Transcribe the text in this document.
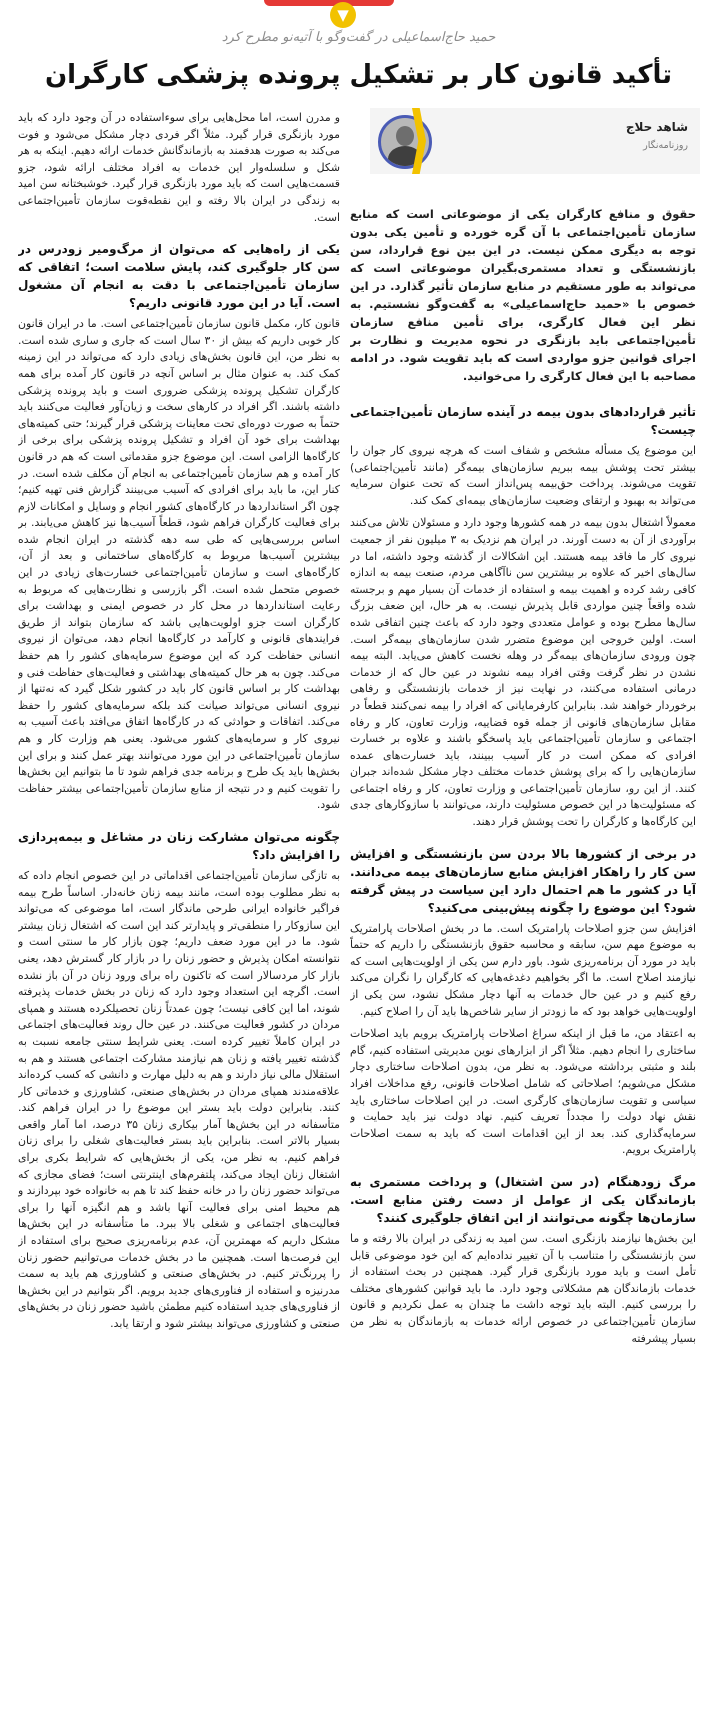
▼
حمید حاج‌اسماعیلی در گفت‌وگو با آتیه‌نو مطرح کرد
تأکید قانون کار بر تشکیل پرونده پزشکی کارگران
شاهد حلاج
روزنامه‌نگار

حقوق و منافع کارگران یکی از موضوعاتی است که منابع سازمان تأمین‌اجتماعی با آن گره خورده و تأمین یکی بدون توجه به دیگری ممکن نیست. در این بین نوع قرارداد، سن بازنشستگی و تعداد مستمری‌بگیران موضوعاتی است که می‌تواند به طور مستقیم در منابع سازمان تأثیر گذارد. در این خصوص با «حمید حاج‌اسماعیلی» به گفت‌وگو نشستیم. به نظر این فعال کارگری، برای تأمین منافع سازمان تأمین‌اجتماعی باید بازنگری در نحوه مدیریت و نظارت بر اجرای قوانین جزو مواردی است که باید تقویت شود. در ادامه مصاحبه با این فعال کارگری را می‌خوانید.

تأثیر قراردادهای بدون بیمه در آینده سازمان تأمین‌اجتماعی چیست؟

این موضوع یک مسأله مشخص و شفاف است که هرچه نیروی کار جوان را بیشتر تحت پوشش بیمه ببریم سازمان‌های بیمه‌گر (مانند تأمین‌اجتماعی) تقویت می‌شوند. پرداخت حق‌بیمه پس‌انداز است که تحت عنوان سرمایه می‌تواند به بهبود و ارتقای وضعیت سازمان‌های بیمه‌ای کمک کند.

معمولاً اشتغال بدون بیمه در همه کشورها وجود دارد و مسئولان تلاش می‌کنند برآوردی از آن به دست آورند. در ایران هم نزدیک به ۳ میلیون نفر از جمعیت نیروی کار ما فاقد بیمه هستند. این اشکالات از گذشته وجود داشته، اما در سال‌های اخیر که علاوه بر بیشترین سن ناآگاهی مردم، صنعت بیمه به اندازه کافی رشد کرده و اهمیت بیمه و استفاده از خدمات آن بسیار مهم و برجسته شده واقعاً چنین مواردی قابل پذیرش نیست. به هر حال، این ضعف بزرگ سال‌ها مطرح بوده و عوامل متعددی وجود دارد که باعث چنین اتفاقی شده است. اولین خروجی این موضوع متضرر شدن سازمان‌های بیمه‌گر است. چون ورودی سازمان‌های بیمه‌گر در وهله نخست کاهش می‌یابد. البته بیمه نشدن در نظر گرفت وقتی افراد بیمه نشوند در عین حال که از خدمات درمانی استفاده می‌کنند، در نهایت نیز از خدمات بازنشستگی و رفاهی برخوردار خواهند شد. بنابراین کارفرمایانی که افراد را بیمه نمی‌کنند قطعاً در مقابل سازمان‌های قانونی از جمله قوه قضاییه، وزارت تعاون، کار و رفاه اجتماعی و سازمان تأمین‌اجتماعی باید پاسخگو باشند و علاوه بر خسارت افرادی که ممکن است در کار آسیب ببینند، باید خسارت‌های عمده سازمان‌هایی را که برای پوشش خدمات مختلف دچار مشکل شده‌اند جبران کنند. از این رو، سازمان تأمین‌اجتماعی و وزارت تعاون، کار و رفاه اجتماعی که مسئولیت‌ها در این خصوص مسئولیت دارند، می‌توانند با سازوکارهای جدی این کارگاه‌ها و کارگران را تحت پوشش قرار دهند.

در برخی از کشورها بالا بردن سن بازنشستگی و افزایش سن کار را راهکار افزایش منابع سازمان‌های بیمه می‌دانند. آیا در کشور ما هم احتمال دارد این سیاست در پیش گرفته شود؟ این موضوع را چگونه پیش‌بینی می‌کنید؟

افزایش سن جزو اصلاحات پارامتریک است. ما در بخش اصلاحات پارامتریک به موضوع مهم سن، سابقه و محاسبه حقوق بازنشستگی را داریم که حتماً باید در مورد آن برنامه‌ریزی شود. باور دارم سن یکی از اولویت‌هایی است که نیازمند اصلاح است. ما اگر بخواهیم دغدغه‌هایی که کارگران را نگران می‌کند رفع کنیم و در عین حال خدمات به آنها دچار مشکل نشود، سن یکی از اولویت‌هایی خواهد بود که ما زودتر از سایر شاخص‌ها باید آن را اصلاح کنیم.

به اعتقاد من، ما قبل از اینکه سراغ اصلاحات پارامتریک برویم باید اصلاحات ساختاری را انجام دهیم. مثلاً اگر از ابزارهای نوین مدیریتی استفاده کنیم، گام بلند و مثبتی برداشته می‌شود. به نظر من، بدون اصلاحات ساختاری دچار مشکل می‌شویم؛ اصلاحاتی که شامل اصلاحات قانونی، رفع مداخلات افراد سیاسی و تقویت سازمان‌های کارگری است. در این اصلاحات ساختاری باید نقش نهاد دولت را مجدداً تعریف کنیم. نهاد دولت نیز باید حمایت و سرمایه‌گذاری کند. بعد از این اقدامات است که باید به سمت اصلاحات پارامتریک برویم.

مرگ زودهنگام (در سن اشتغال) و پرداخت مستمری به بازماندگان یکی از عوامل از دست رفتن منابع است. سازمان‌ها چگونه می‌توانند از این اتفاق جلوگیری کنند؟

این بخش‌ها نیازمند بازنگری است. سن امید به زندگی در ایران بالا رفته و ما سن بازنشستگی را متناسب با آن تغییر نداده‌ایم که این خود موضوعی قابل تأمل است و باید مورد بازنگری قرار گیرد. همچنین در بحث استفاده از خدمات بازماندگان هم مشکلاتی وجود دارد. ما باید قوانین کشورهای مختلف را بررسی کنیم. البته باید توجه داشت ما چندان به عمل نکردیم و قانون سازمان تأمین‌اجتماعی در خصوص ارائه خدمات به بازماندگان به نظر من بسیار پیشرفته

و مدرن است، اما محل‌هایی برای سوءاستفاده در آن وجود دارد که باید مورد بازنگری قرار گیرد. مثلاً اگر فردی دچار مشکل می‌شود و فوت می‌کند به صورت هدفمند به بازماندگانش خدمات ارائه دهیم. اینکه به هر شکل و سلسله‌وار این خدمات به افراد مختلف ارائه شود، جزو قسمت‌هایی است که باید مورد بازنگری قرار گیرد. خوشبختانه سن امید به زندگی در ایران بالا رفته و این نقطه‌قوت سازمان تأمین‌اجتماعی است.

یکی از راه‌هایی که می‌توان از مرگ‌ومیر زودرس در سن کار جلوگیری کند، پایش سلامت است؛ اتفاقی که سازمان تأمین‌اجتماعی با دقت به انجام آن مشغول است. آیا در این مورد قانونی داریم؟

قانون کار، مکمل قانون سازمان تأمین‌اجتماعی است. ما در ایران قانون کار خوبی داریم که بیش از ۳۰ سال است که جاری و ساری شده است. به نظر من، این قانون بخش‌های زیادی دارد که می‌تواند در این زمینه کمک کند. به عنوان مثال بر اساس آنچه در قانون کار آمده برای همه کارگران تشکیل پرونده پزشکی ضروری است و باید پرونده پزشکی داشته باشند. اگر افراد در کارهای سخت و زیان‌آور فعالیت می‌کنند باید حتماً به صورت دوره‌ای تحت معاینات پزشکی قرار گیرند؛ حتی کمیته‌های بهداشت برای خود آن افراد و تشکیل پرونده پزشکی برای برخی از کارگاه‌ها الزامی است. این موضوع جزو مقدماتی است که هم در قانون کار آمده و هم سازمان تأمین‌اجتماعی به انجام آن مکلف شده است. در کنار این، ما باید برای افرادی که آسیب می‌بینند گزارش فنی تهیه کنیم؛ چون اگر استانداردها در کارگاه‌های کشور انجام و وسایل و امکانات لازم برای فعالیت کارگران فراهم شود، قطعاً آسیب‌ها نیز کاهش می‌یابند. بر اساس بررسی‌هایی که طی سه دهه گذشته در ایران انجام شده بیشترین آسیب‌ها مربوط به کارگاه‌های ساختمانی و بعد از آن، کارگاه‌های است و سازمان تأمین‌اجتماعی خسارت‌های زیادی در این خصوص متحمل شده است. اگر بازرسی و نظارت‌هایی که مربوط به رعایت استانداردها در محل کار در خصوص ایمنی و بهداشت برای کارگران است جزو اولویت‌هایی باشد که سازمان بتواند از طریق فرایندهای قانونی و کارآمد در کارگاه‌ها انجام دهد، می‌توان از نیروی انسانی حفاظت کرد که این موضوع سرمایه‌های کشور را هم حفظ می‌کند. چون به هر حال کمیته‌های بهداشتی و فعالیت‌های حفاظت فنی و بهداشت کار بر اساس قانون کار باید در کشور شکل گیرد که نه‌تنها از نیروی انسانی می‌تواند صیانت کند بلکه سرمایه‌های کشور را حفظ می‌کند. اتفاقات و حوادثی که در کارگاه‌ها اتفاق می‌افتد باعث آسیب به نیروی کار و سرمایه‌های کشور می‌شود. یعنی هم وزارت کار و هم سازمان تأمین‌اجتماعی در این مورد می‌توانند بهتر عمل کنند و برای این بخش‌ها باید یک طرح و برنامه جدی فراهم شود تا ما بتوانیم این بخش‌ها را تقویت کنیم و در نتیجه از منابع سازمان تأمین‌اجتماعی بیشتر حفاظت شود.

چگونه می‌توان مشارکت زنان در مشاغل و بیمه‌پردازی را افزایش داد؟

به تازگی سازمان تأمین‌اجتماعی اقداماتی در این خصوص انجام داده که به نظر مطلوب بوده است، مانند بیمه زنان خانه‌دار. اساساً طرح بیمه فراگیر خانواده ایرانی طرحی ماندگار است، اما موضوعی که می‌تواند این سازوکار را منطقی‌تر و پایدارتر کند این است که اشتغال زنان بیشتر شود. ما در این مورد ضعف داریم؛ چون بازار کار ما سنتی است و نتوانسته امکان پذیرش و حضور زنان را در بازار کار گسترش دهد، یعنی بازار کار مردسالار است که تاکنون راه برای ورود زنان در آن باز نشده است. اگرچه این استعداد وجود دارد که زنان در بخش خدمات پذیرفته شوند، اما این کافی نیست؛ چون عمدتاً زنان تحصیلکرده هستند و همپای مردان در کشور فعالیت می‌کنند. در عین حال روند فعالیت‌های اجتماعی در ایران کاملاً تغییر کرده است. یعنی شرایط سنتی جامعه نسبت به گذشته تغییر یافته و زنان هم نیازمند مشارکت اجتماعی هستند و هم به استقلال مالی نیاز دارند و هم به دلیل مهارت و دانشی که کسب کرده‌اند علاقه‌مندند همپای مردان در بخش‌های صنعتی، کشاورزی و خدماتی کار کنند. بنابراین دولت باید بستر این موضوع را در ایران فراهم کند. متأسفانه در این بخش‌ها آمار بیکاری زنان ۳۵ درصد، اما آمار واقعی بسیار بالاتر است. بنابراین باید بستر فعالیت‌های شغلی را برای زنان فراهم کنیم. به نظر من، یکی از بخش‌هایی که شرایط بکری برای اشتغال زنان ایجاد می‌کند، پلتفرم‌های اینترنتی است؛ فضای مجازی که می‌تواند حضور زنان را در خانه حفظ کند تا هم به خانواده خود بپردازند و هم محیط امنی برای فعالیت آنها باشد و هم انگیزه آنها را برای فعالیت‌های اجتماعی و شغلی بالا ببرد. ما متأسفانه در این بخش‌ها مشکل داریم که مهمترین آن، عدم برنامه‌ریزی صحیح برای استفاده از این فرصت‌ها است. همچنین ما در بخش خدمات می‌توانیم حضور زنان را پررنگ‌تر کنیم. در بخش‌های صنعتی و کشاورزی هم باید به سمت مدرنیزه و استفاده از فناوری‌های جدید برویم. اگر بتوانیم در این بخش‌ها از فناوری‌های جدید استفاده کنیم مطمئن باشید حضور زنان در بخش‌های صنعتی و کشاورزی می‌تواند بیشتر شود و ارتقا یابد.
